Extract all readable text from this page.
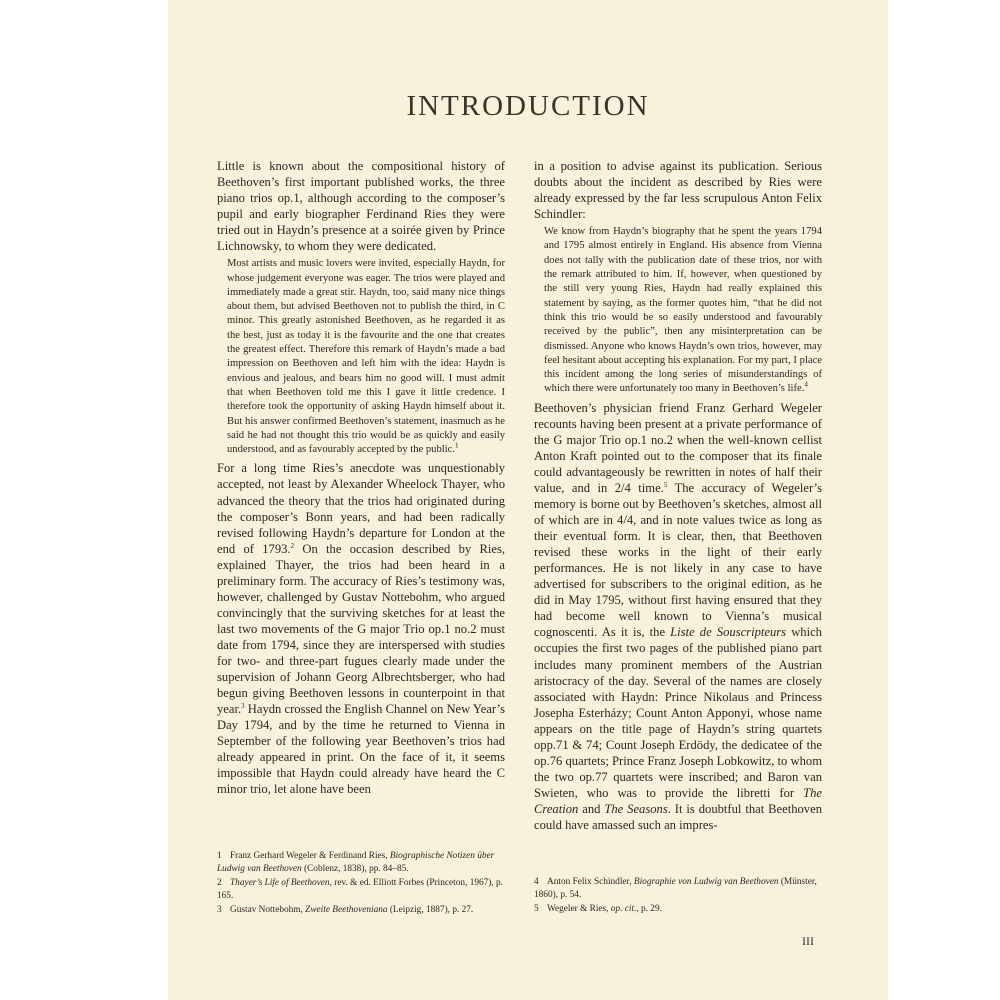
INTRODUCTION

Little is known about the compositional history of Beethoven’s first important published works, the three piano trios op.1, although according to the composer’s pupil and early biographer Ferdinand Ries they were tried out in Haydn’s presence at a soirée given by Prince Lichnowsky, to whom they were dedicated.

Most artists and music lovers were invited, especially Haydn, for whose judgement everyone was eager. The trios were played and immediately made a great stir. Haydn, too, said many nice things about them, but advised Beethoven not to publish the third, in C minor. This greatly astonished Beethoven, as he regarded it as the best, just as today it is the favourite and the one that creates the greatest effect. Therefore this remark of Haydn’s made a bad impression on Beethoven and left him with the idea: Haydn is envious and jealous, and bears him no good will. I must admit that when Beethoven told me this I gave it little credence. I therefore took the opportunity of asking Haydn himself about it. But his answer confirmed Beethoven’s statement, inasmuch as he said he had not thought this trio would be as quickly and easily understood, and as favourably accepted by the public.$^1$

For a long time Ries’s anecdote was unquestionably accepted, not least by Alexander Wheelock Thayer, who advanced the theory that the trios had originated during the composer’s Bonn years, and had been radically revised following Haydn’s departure for London at the end of 1793.$^2$ On the occasion described by Ries, explained Thayer, the trios had been heard in a preliminary form. The accuracy of Ries’s testimony was, however, challenged by Gustav Nottebohm, who argued convincingly that the surviving sketches for at least the last two movements of the G major Trio op.1 no.2 must date from 1794, since they are interspersed with studies for two- and three-part fugues clearly made under the supervision of Johann Georg Albrechtsberger, who had begun giving Beethoven lessons in counterpoint in that year.$^3$ Haydn crossed the English Channel on New Year’s Day 1794, and by the time he returned to Vienna in September of the following year Beethoven’s trios had already appeared in print. On the face of it, it seems impossible that Haydn could already have heard the C minor trio, let alone have been

in a position to advise against its publication. Serious doubts about the incident as described by Ries were already expressed by the far less scrupulous Anton Felix Schindler:

We know from Haydn’s biography that he spent the years 1794 and 1795 almost entirely in England. His absence from Vienna does not tally with the publication date of these trios, nor with the remark attributed to him. If, however, when questioned by the still very young Ries, Haydn had really explained this statement by saying, as the former quotes him, “that he did not think this trio would be so easily understood and favourably received by the public”, then any misinterpretation can be dismissed. Anyone who knows Haydn’s own trios, however, may feel hesitant about accepting his explanation. For my part, I place this incident among the long series of misunderstandings of which there were unfortunately too many in Beethoven’s life.$^4$

Beethoven’s physician friend Franz Gerhard Wegeler recounts having been present at a private performance of the G major Trio op.1 no.2 when the well-known cellist Anton Kraft pointed out to the composer that its finale could advantageously be rewritten in notes of half their value, and in 2/4 time.$^5$ The accuracy of Wegeler’s memory is borne out by Beethoven’s sketches, almost all of which are in 4/4, and in note values twice as long as their eventual form. It is clear, then, that Beethoven revised these works in the light of their early performances. He is not likely in any case to have advertised for subscribers to the original edition, as he did in May 1795, without first having ensured that they had become well known to Vienna’s musical cognoscenti. As it is, the Liste de Souscripteurs which occupies the first two pages of the published piano part includes many prominent members of the Austrian aristocracy of the day. Several of the names are closely associated with Haydn: Prince Nikolaus and Princess Josepha Esterházy; Count Anton Apponyi, whose name appears on the title page of Haydn’s string quartets opp.71 & 74; Count Joseph Erdödy, the dedicatee of the op.76 quartets; Prince Franz Joseph Lobkowitz, to whom the two op.77 quartets were inscribed; and Baron van Swieten, who was to provide the libretti for The Creation and The Seasons. It is doubtful that Beethoven could have amassed such an impres-

1 Franz Gerhard Wegeler & Ferdinand Ries, Biographische Notizen über Ludwig van Beethoven (Coblenz, 1838), pp. 84–85.
2 Thayer’s Life of Beethoven, rev. & ed. Elliott Forbes (Princeton, 1967), p. 165.
3 Gustav Nottebohm, Zweite Beethoveniana (Leipzig, 1887), p. 27.
4 Anton Felix Schindler, Biographie von Ludwig van Beethoven (Münster, 1860), p. 54.
5 Wegeler & Ries, op. cit., p. 29.
III
